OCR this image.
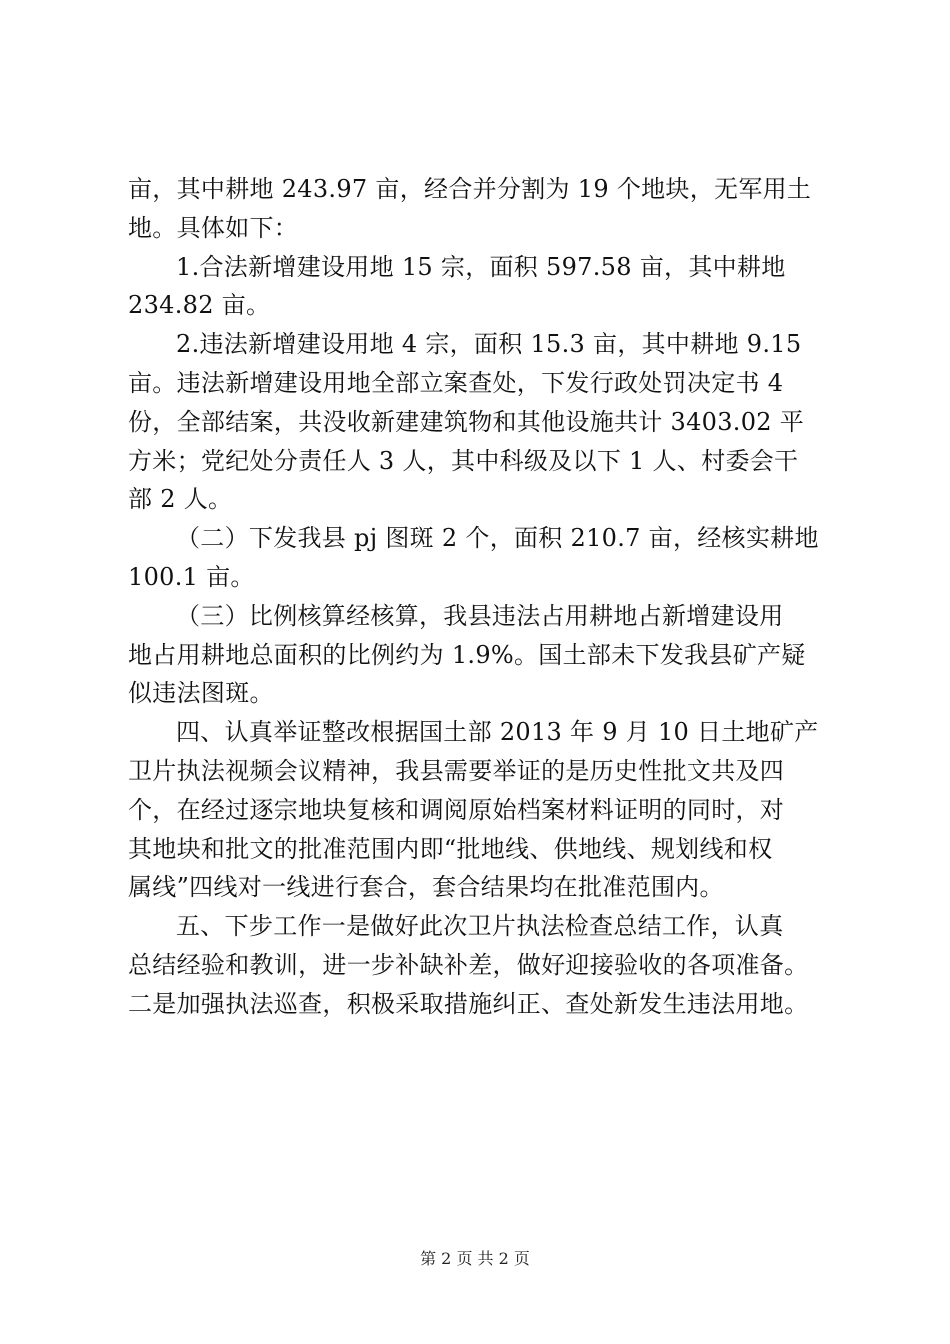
亩，其中耕地 243.97 亩，经合并分割为 19 个地块，无军用土
地。具体如下：
1.合法新增建设用地 15 宗，面积 597.58 亩，其中耕地
234.82 亩。
2.违法新增建设用地 4 宗，面积 15.3 亩，其中耕地 9.15
亩。违法新增建设用地全部立案查处，下发行政处罚决定书 4
份，全部结案，共没收新建建筑物和其他设施共计 3403.02 平
方米；党纪处分责任人 3 人，其中科级及以下 1 人、村委会干
部 2 人。
（二）下发我县 pj 图斑 2 个，面积 210.7 亩，经核实耕地
100.1 亩。
（三）比例核算经核算，我县违法占用耕地占新增建设用
地占用耕地总面积的比例约为 1.9%。国土部未下发我县矿产疑
似违法图斑。
四、认真举证整改根据国土部 2013 年 9 月 10 日土地矿产
卫片执法视频会议精神，我县需要举证的是历史性批文共及四
个，在经过逐宗地块复核和调阅原始档案材料证明的同时，对
其地块和批文的批准范围内即“批地线、供地线、规划线和权
属线”四线对一线进行套合，套合结果均在批准范围内。
五、下步工作一是做好此次卫片执法检查总结工作，认真
总结经验和教训，进一步补缺补差，做好迎接验收的各项准备。
二是加强执法巡查，积极采取措施纠正、查处新发生违法用地。
第 2 页 共 2 页
